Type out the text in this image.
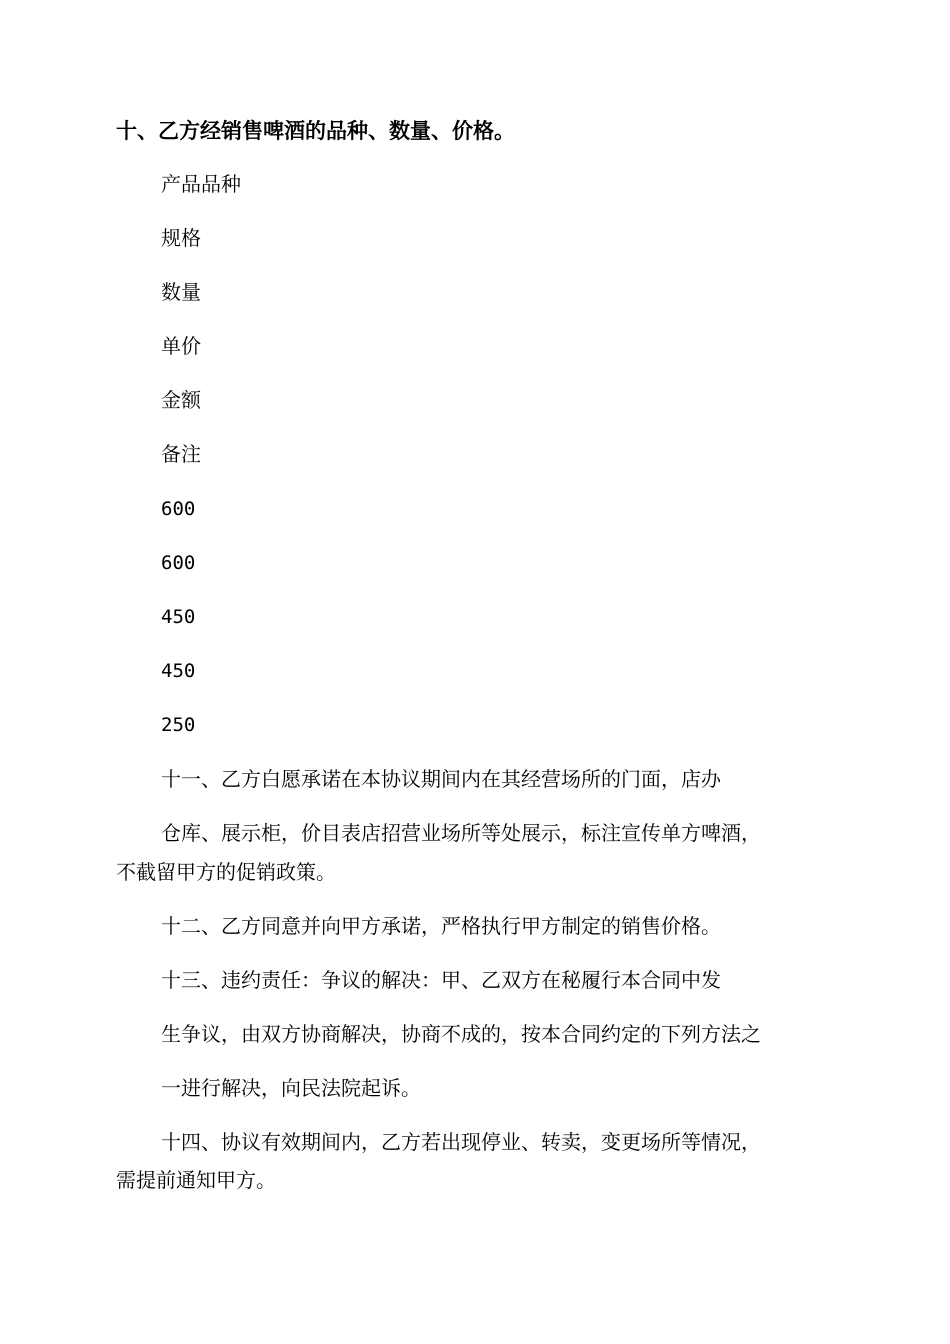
十、乙方经销售啤酒的品种、数量、价格。
产品品种
规格
数量
单价
金额
备注
600
600
450
450
250
十一、乙方白愿承诺在本协议期间内在其经营场所的门面，店办
仓库、展示柜，价目表店招营业场所等处展示，标注宣传单方啤酒，
不截留甲方的促销政策。
十二、乙方同意并向甲方承诺，严格执行甲方制定的销售价格。
十三、违约责任：争议的解决：甲、乙双方在秘履行本合同中发
生争议，由双方协商解决，协商不成的，按本合同约定的下列方法之
一进行解决，向民法院起诉。
十四、协议有效期间内，乙方若出现停业、转卖，变更场所等情况，
需提前通知甲方。
